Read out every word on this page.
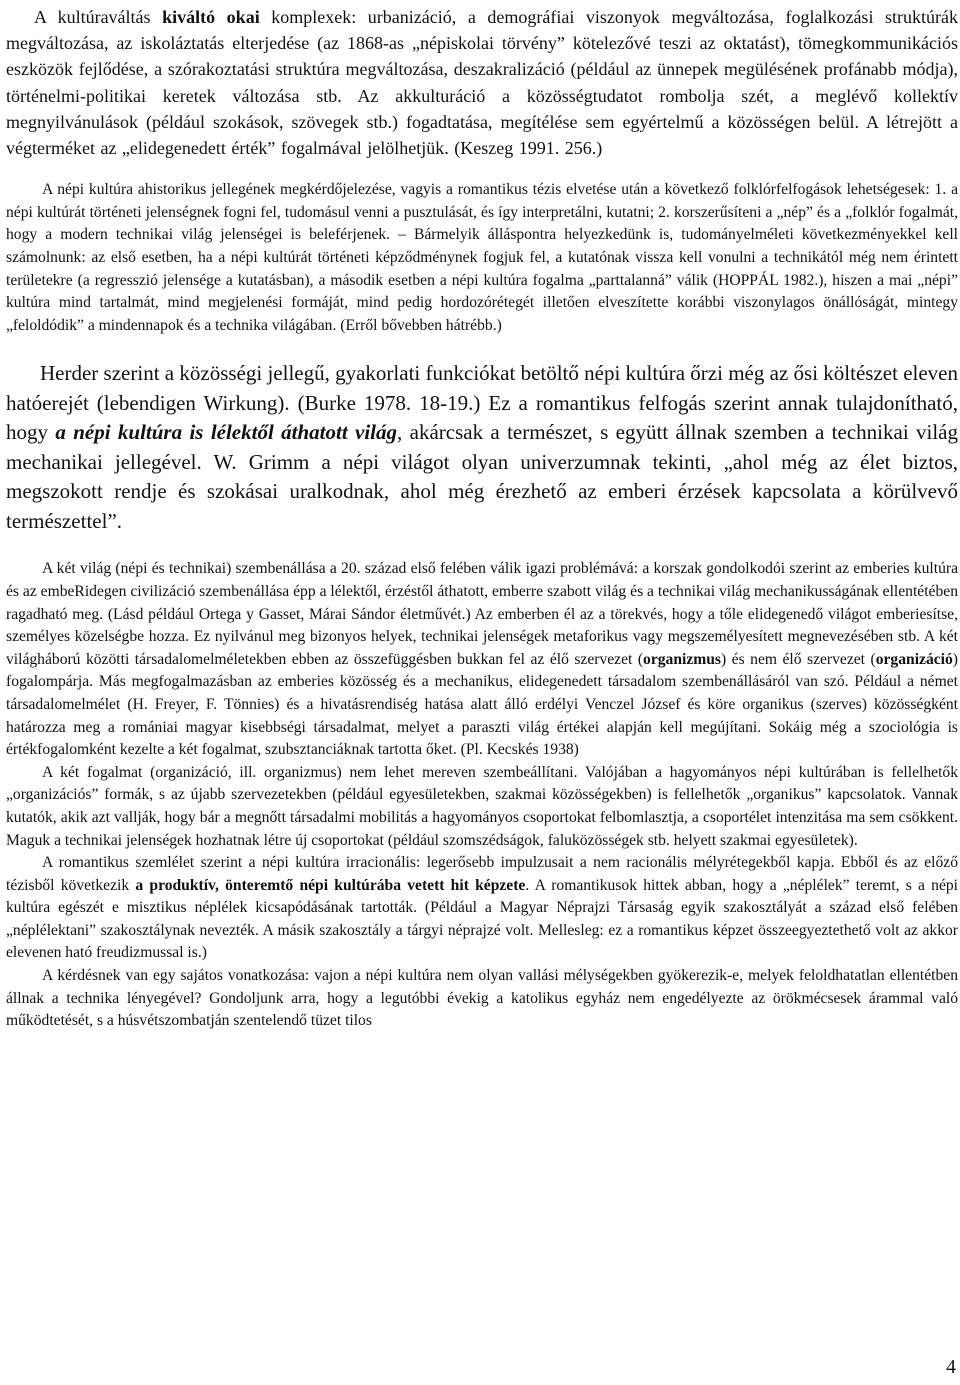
A kultúraváltás kiváltó okai komplexek: urbanizáció, a demográfiai viszonyok megváltozása, foglalkozási struktúrák megváltozása, az iskoláztatás elterjedése (az 1868-as „népiskolai törvény” kötelezővé teszi az oktatást), tömegkommunikációs eszközök fejlődése, a szórakoztatási struktúra megváltozása, deszakralizáció (például az ünnepek megülésének profánabb módja), történelmi-politikai keretek változása stb. Az akkulturáció a közösségtudatot rombolja szét, a meglévő kollektív megnyilvánulások (például szokások, szövegek stb.) fogadtatása, megítélése sem egyértelmű a közösségen belül. A létrejött a végterméket az „elidegenedett érték” fogalmával jelölhetjük. (Keszeg 1991. 256.)

A népi kultúra ahistorikus jellegének megkérdőjelezése, vagyis a romantikus tézis elvetése után a következő folklórfelfogások lehetségesek: 1. a népi kultúrát történeti jelenségnek fogni fel, tudomásul venni a pusztulását, és így interpretálni, kutatni; 2. korszerűsíteni a „nép” és a „folklór fogalmát, hogy a modern technikai világ jelenségei is beleférjenek. – Bármelyik álláspontra helyezkedünk is, tudományelméleti következményekkel kell számolnunk: az első esetben, ha a népi kultúrát történeti képződménynek fogjuk fel, a kutatónak vissza kell vonulni a technikától még nem érintett területekre (a regresszió jelensége a kutatásban), a második esetben a népi kultúra fogalma „parttalanná” válik (HOPPÁL 1982.), hiszen a mai „népi” kultúra mind tartalmát, mind megjelenési formáját, mind pedig hordozórétegét illetően elveszítette korábbi viszonylagos önállóságát, mintegy „feloldódik” a mindennapok és a technika világában. (Erről bővebben hátrébb.)

Herder szerint a közösségi jellegű, gyakorlati funkciókat betöltő népi kultúra őrzi még az ősi költészet eleven hatóerejét (lebendigen Wirkung). (Burke 1978. 18-19.) Ez a romantikus felfogás szerint annak tulajdonítható, hogy a népi kultúra is lélektől áthatott világ, akárcsak a természet, s együtt állnak szemben a technikai világ mechanikai jellegével. W. Grimm a népi világot olyan univerzumnak tekinti, „ahol még az élet biztos, megszokott rendje és szokásai uralkodnak, ahol még érezhető az emberi érzések kapcsolata a körülvevő természettel”.

A két világ (népi és technikai) szembenállása a 20. század első felében válik igazi problémává: a korszak gondolkodói szerint az emberies kultúra és az embeRidegen civilizáció szembenállása épp a lélektől, érzéstől áthatott, emberre szabott világ és a technikai világ mechanikusságának ellentétében ragadható meg. (Lásd például Ortega y Gasset, Márai Sándor életművét.) Az emberben él az a törekvés, hogy a tőle elidegenedő világot emberiesítse, személyes közelségbe hozza. Ez nyilvánul meg bizonyos helyek, technikai jelenségek metaforikus vagy megszemélyesített megnevezésében stb. A két világháború közötti társadalomelméletekben ebben az összefüggésben bukkan fel az élő szervezet (organizmus) és nem élő szervezet (organizáció) fogalompárja. Más megfogalmazásban az emberies közösség és a mechanikus, elidegenedett társadalom szembenállásáról van szó. Például a német társadalomelmélet (H. Freyer, F. Tönnies) és a hivatásrendiség hatása alatt álló erdélyi Venczel József és köre organikus (szerves) közösségként határozza meg a romániai magyar kisebbségi társadalmat, melyet a paraszti világ értékei alapján kell megújítani. Sokáig még a szociológia is értékfogalomként kezelte a két fogalmat, szubsztanciáknak tartotta őket. (Pl. Kecskés 1938)

A két fogalmat (organizáció, ill. organizmus) nem lehet mereven szembeállítani. Valójában a hagyományos népi kultúrában is fellelhetők „organizációs” formák, s az újabb szervezetekben (például egyesületekben, szakmai közösségekben) is fellelhetők „organikus” kapcsolatok. Vannak kutatók, akik azt vallják, hogy bár a megnőtt társadalmi mobilitás a hagyományos csoportokat felbomlasztja, a csoportélet intenzitása ma sem csökkent. Maguk a technikai jelenségek hozhatnak létre új csoportokat (például szomszédságok, faluközösségek stb. helyett szakmai egyesületek).

A romantikus szemlélet szerint a népi kultúra irracionális: legerősebb impulzusait a nem racionális mélyrétegekből kapja. Ebből és az előző tézisből következik a produktív, önteremtő népi kultúrába vetett hit képzete. A romantikusok hittek abban, hogy a „néplélek” teremt, s a népi kultúra egészét e misztikus néplélek kicsapódásának tartották. (Például a Magyar Néprajzi Társaság egyik szakosztályát a század első felében „néplélektani” szakosztálynak nevezték. A másik szakosztály a tárgyi néprajzé volt. Mellesleg: ez a romantikus képzet összeegyeztethető volt az akkor elevenen ható freudizmussal is.)

A kérdésnek van egy sajátos vonatkozása: vajon a népi kultúra nem olyan vallási mélységekben gyökerezik-e, melyek feloldhatatlan ellentétben állnak a technika lényegével? Gondoljunk arra, hogy a legutóbbi évekig a katolikus egyház nem engedélyezte az örökmécsesek árammal való működtetését, s a húsvétszombatján szentelendő tüzet tilos

4
